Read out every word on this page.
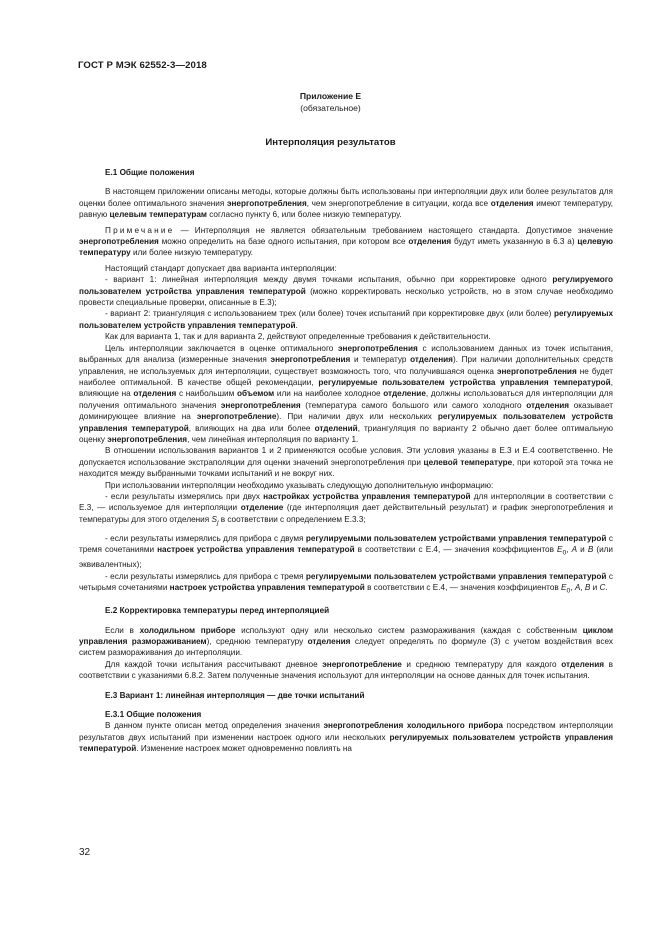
ГОСТ Р МЭК 62552-3—2018
Приложение Е
(обязательное)
Интерполяция результатов
Е.1 Общие положения

В настоящем приложении описаны методы, которые должны быть использованы при интерполяции двух или более результатов для оценки более оптимального значения энергопотребления, чем энергопотребление в ситуации, когда все отделения имеют температуру, равную целевым температурам согласно пункту 6, или более низкую температуру.

Примечание — Интерполяция не является обязательным требованием настоящего стандарта. Допустимое значение энергопотребления можно определить на базе одного испытания, при котором все отделения будут иметь указанную в 6.3 а) целевую температуру или более низкую температуру.

Настоящий стандарт допускает два варианта интерполяции:

- вариант 1: линейная интерполяция между двумя точками испытания, обычно при корректировке одного регулируемого пользователем устройства управления температурой (можно корректировать несколько устройств, но в этом случае необходимо провести специальные проверки, описанные в Е.3);

- вариант 2: триангуляция с использованием трех (или более) точек испытаний при корректировке двух (или более) регулируемых пользователем устройств управления температурой.

Как для варианта 1, так и для варианта 2, действуют определенные требования к действительности.

Цель интерполяции заключается в оценке оптимального энергопотребления с использованием данных из точек испытания, выбранных для анализа (измеренные значения энергопотребления и температур отделения). При наличии дополнительных средств управления, не используемых для интерполяции, существует возможность того, что получившаяся оценка энергопотребления не будет наиболее оптимальной. В качестве общей рекомендации, регулируемые пользователем устройства управления температурой, влияющие на отделения с наибольшим объемом или на наиболее холодное отделение, должны использоваться для интерполяции для получения оптимального значения энергопотребления (температура самого большого или самого холодного отделения оказывает доминирующее влияние на энергопотребление). При наличии двух или нескольких регулируемых пользователем устройств управления температурой, влияющих на два или более отделений, триангуляция по варианту 2 обычно дает более оптимальную оценку энергопотребления, чем линейная интерполяция по варианту 1.

В отношении использования вариантов 1 и 2 применяются особые условия. Эти условия указаны в Е.3 и Е.4 соответственно. Не допускается использование экстраполяции для оценки значений энергопотребления при целевой температуре, при которой эта точка не находится между выбранными точками испытаний и не вокруг них.

При использовании интерполяции необходимо указывать следующую дополнительную информацию:

- если результаты измерялись при двух настройках устройства управления температурой для интерполяции в соответствии с Е.3, — используемое для интерполяции отделение (где интерполяция дает действительный результат) и график энергопотребления и температуры для этого отделения $S_j$ в соответствии с определением Е.3.3;

- если результаты измерялись для прибора с двумя регулируемыми пользователем устройствами управления температурой с тремя сочетаниями настроек устройства управления температурой в соответствии с Е.4, — значения коэффициентов $E_0$, A и B (или эквивалентных);

- если результаты измерялись для прибора с тремя регулируемыми пользователем устройствами управления температурой с четырьмя сочетаниями настроек устройства управления температурой в соответствии с Е.4, — значения коэффициентов $E_0$, A, B и C.

Е.2 Корректировка температуры перед интерполяцией

Если в холодильном приборе используют одну или несколько систем размораживания (каждая с собственным циклом управления размораживанием), среднюю температуру отделения следует определять по формуле (3) с учетом воздействия всех систем размораживания до интерполяции.

Для каждой точки испытания рассчитывают дневное энергопотребление и среднюю температуру для каждого отделения в соответствии с указаниями 6.8.2. Затем полученные значения используют для интерполяции на основе данных для точек испытания.

Е.3 Вариант 1: линейная интерполяция — две точки испытаний
Е.3.1 Общие положения

В данном пункте описан метод определения значения энергопотребления холодильного прибора посредством интерполяции результатов двух испытаний при изменении настроек одного или нескольких регулируемых пользователем устройств управления температурой. Изменение настроек может одновременно повлиять на

32
